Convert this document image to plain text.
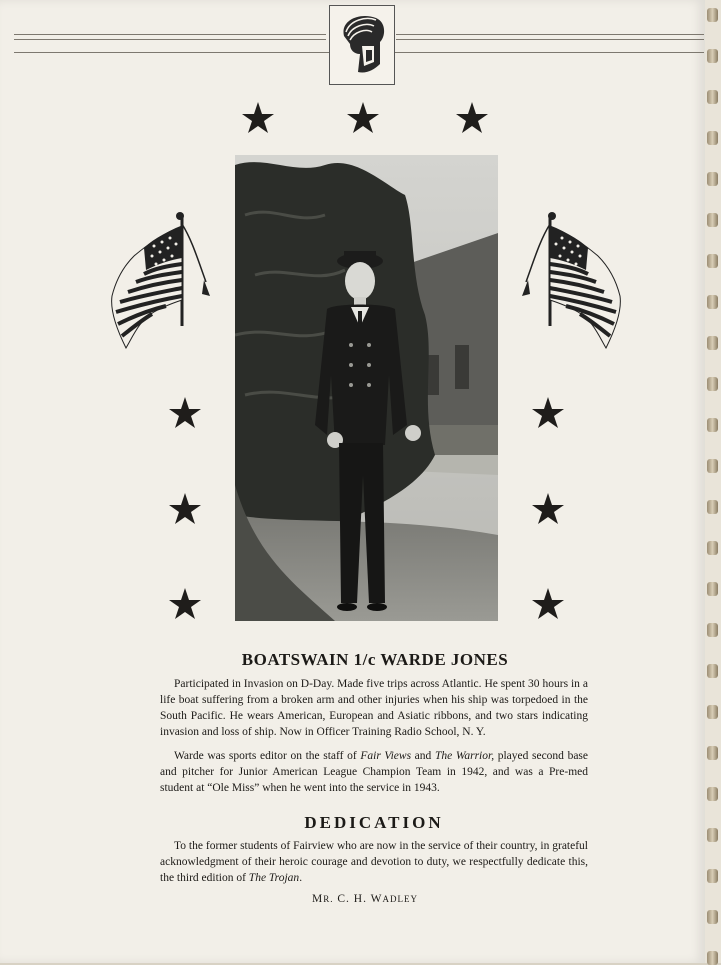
BOATSWAIN 1/c WARDE JONES

Participated in Invasion on D-Day. Made five trips across Atlantic. He spent 30 hours in a life boat suffering from a broken arm and other injuries when his ship was torpedoed in the South Pacific. He wears American, European and Asiatic ribbons, and two stars indicating invasion and loss of ship. Now in Officer Training Radio School, N. Y.

Warde was sports editor on the staff of Fair Views and The Warrior, played second base and pitcher for Junior American League Champion Team in 1942, and was a Pre-med student at “Ole Miss” when he went into the service in 1943.

DEDICATION

To the former students of Fairview who are now in the service of their country, in grateful acknowledgment of their heroic courage and devotion to duty, we respectfully dedicate this, the third edition of The Trojan.

MR. C. H. WADLEY
